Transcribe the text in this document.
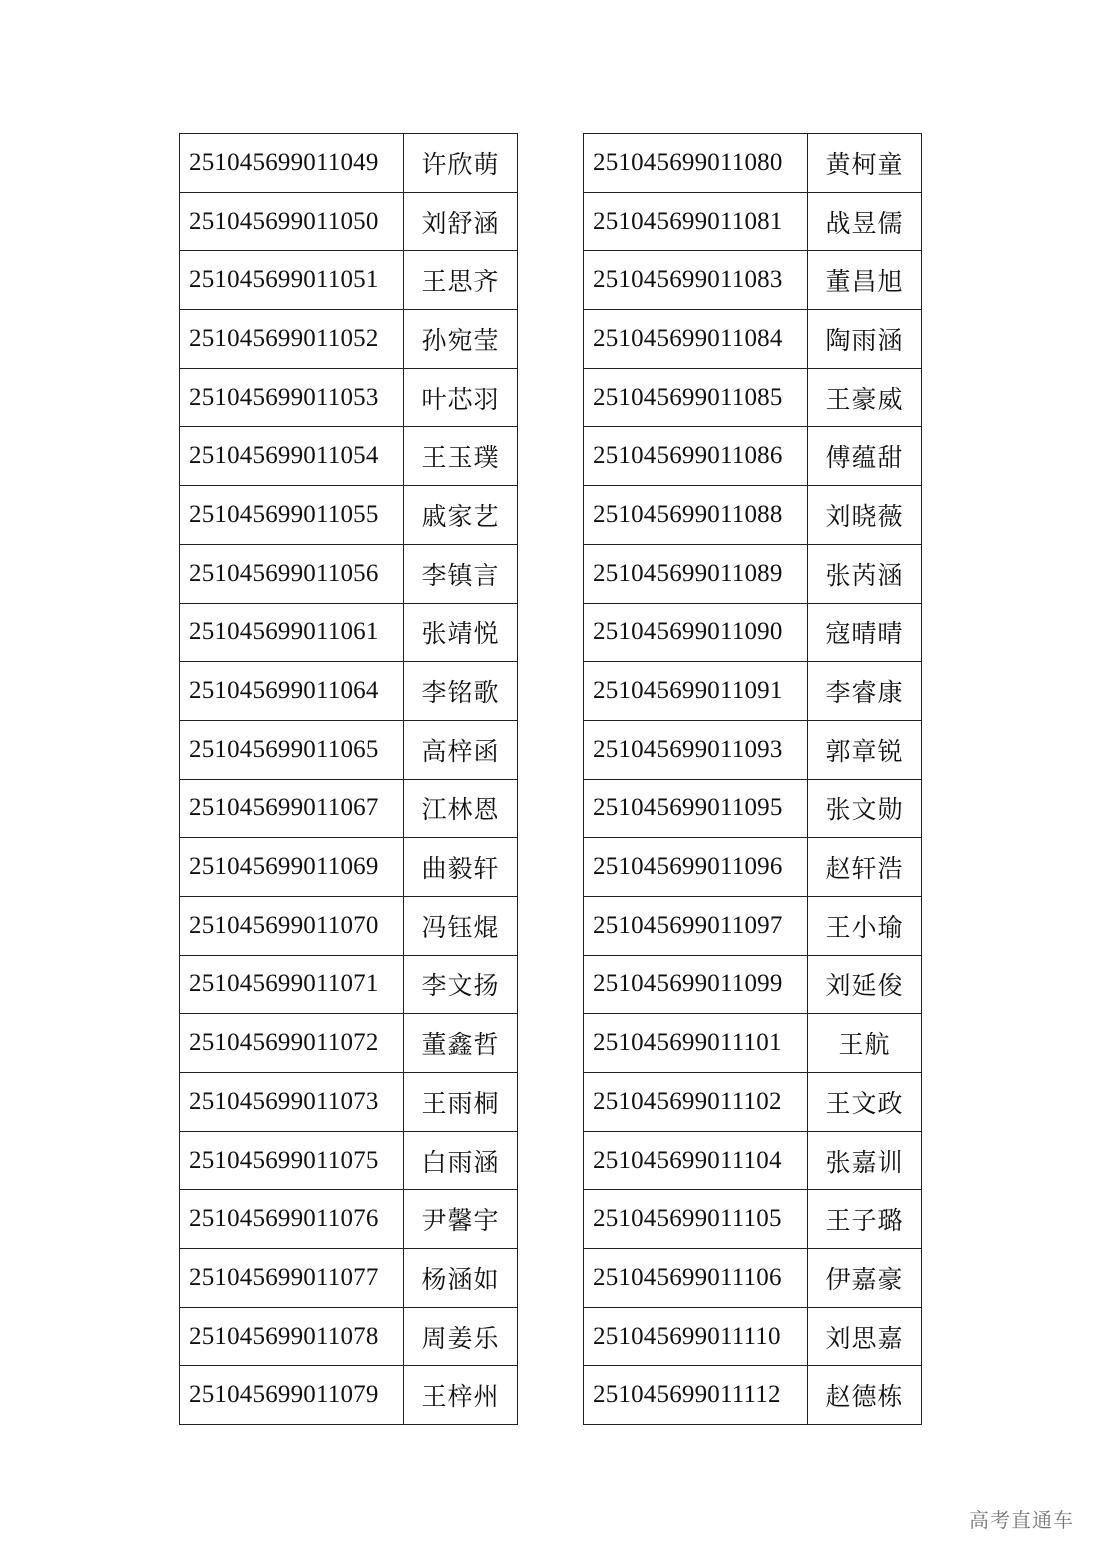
251045699011049	许欣萌
251045699011050	刘舒涵
251045699011051	王思齐
251045699011052	孙宛莹
251045699011053	叶芯羽
251045699011054	王玉璞
251045699011055	戚家艺
251045699011056	李镇言
251045699011061	张靖悦
251045699011064	李铭歌
251045699011065	高梓函
251045699011067	江林恩
251045699011069	曲毅轩
251045699011070	冯钰焜
251045699011071	李文扬
251045699011072	董鑫哲
251045699011073	王雨桐
251045699011075	白雨涵
251045699011076	尹馨宇
251045699011077	杨涵如
251045699011078	周姜乐
251045699011079	王梓州
251045699011080	黄柯童
251045699011081	战昱儒
251045699011083	董昌旭
251045699011084	陶雨涵
251045699011085	王豪威
251045699011086	傅蕴甜
251045699011088	刘晓薇
251045699011089	张芮涵
251045699011090	寇晴晴
251045699011091	李睿康
251045699011093	郭章锐
251045699011095	张文勋
251045699011096	赵轩浩
251045699011097	王小瑜
251045699011099	刘延俊
251045699011101	王航
251045699011102	王文政
251045699011104	张嘉训
251045699011105	王子璐
251045699011106	伊嘉豪
251045699011110	刘思嘉
251045699011112	赵德栋
高考直通车
